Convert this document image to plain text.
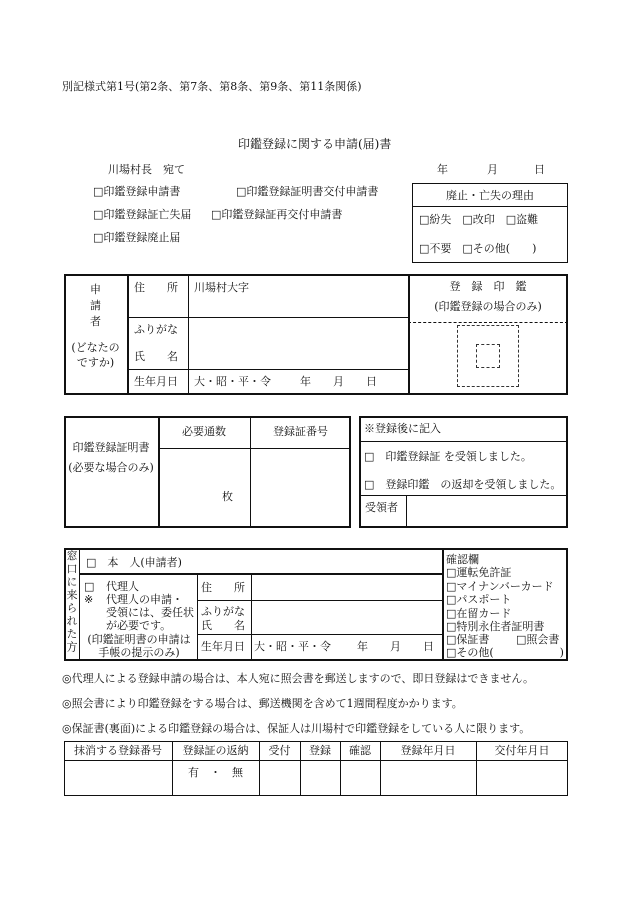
別記様式第1号(第2条、第7条、第8条、第9条、第11条関係)
印鑑登録に関する申請(届)書
川場村長　宛て	年	月	日
□印鑑登録申請書	□印鑑登録証明書交付申請書
□印鑑登録証亡失届 □印鑑登録証再交付申請書
□印鑑登録廃止届
廃止・亡失の理由
□紛失　□改印　□盗難
□不要　□その他(　　)
申
請
者
(どなたの
ですか)
住　　所 川場村大字
ふりがな
氏　　名
生年月日 大・昭・平・令	年　　月　　日
登　録　印　鑑
(印鑑登録の場合のみ)
印鑑登録証明書
(必要な場合のみ)
必要通数	登録証番号
枚
※登録後に記入
□　印鑑登録証 を受領しました。
□　登録印鑑　の返却を受領しました。
受領者
窓口に来られた方 □　本　人(申請者)
□ 代理人
※ 代理人の申請・
受領には、委任状
が必要です。
(印鑑証明書の申請は
手帳の提示のみ)
住　　所
ふりがな
氏　　名
生年月日 大・昭・平・令 年　　月　　日
確認欄
□運転免許証
□マイナンバーカード
□パスポート
□在留カード
□特別永住者証明書
□保証書 □照会書
□その他(　　　　　　)
◎代理人による登録申請の場合は、本人宛に照会書を郵送しますので、即日登録はできません。
◎照会書により印鑑登録をする場合は、郵送機関を含めて1週間程度かかります。
◎保証書(裏面)による印鑑登録の場合は、保証人は川場村で印鑑登録をしている人に限ります。
抹消する登録番号	登録証の返納	受付	登録	確認	登録年月日	交付年月日
有　・　無
